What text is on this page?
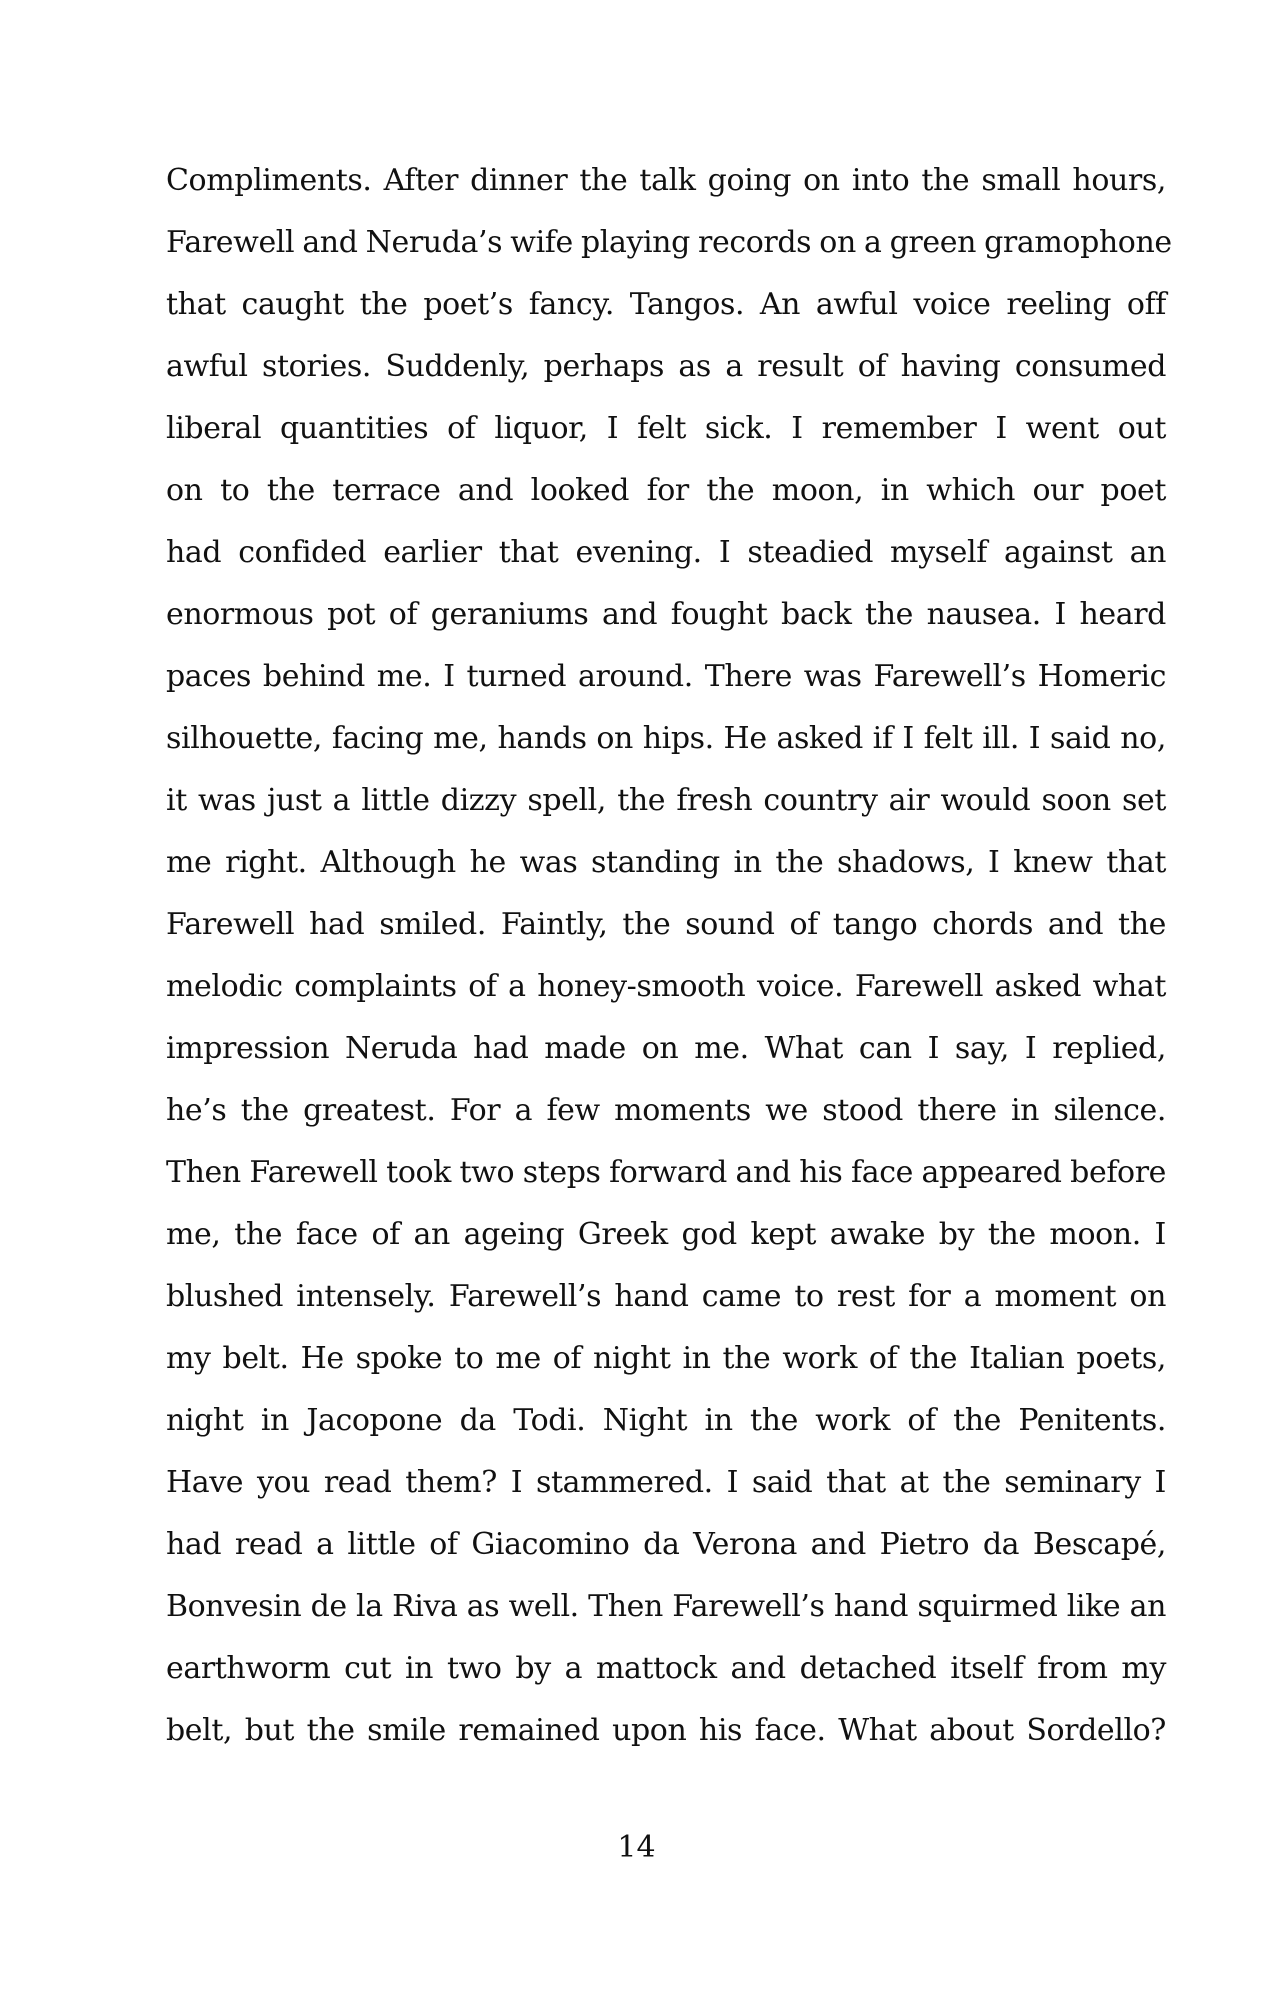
Compliments. After dinner the talk going on into the small hours,
Farewell and Neruda’s wife playing records on a green gramophone
that caught the poet’s fancy. Tangos. An awful voice reeling off
awful stories. Suddenly, perhaps as a result of having consumed
liberal quantities of liquor, I felt sick. I remember I went out
on to the terrace and looked for the moon, in which our poet
had confided earlier that evening. I steadied myself against an
enormous pot of geraniums and fought back the nausea. I heard
paces behind me. I turned around. There was Farewell’s Homeric
silhouette, facing me, hands on hips. He asked if I felt ill. I said no,
it was just a little dizzy spell, the fresh country air would soon set
me right. Although he was standing in the shadows, I knew that
Farewell had smiled. Faintly, the sound of tango chords and the
melodic complaints of a honey-smooth voice. Farewell asked what
impression Neruda had made on me. What can I say, I replied,
he’s the greatest. For a few moments we stood there in silence.
Then Farewell took two steps forward and his face appeared before
me, the face of an ageing Greek god kept awake by the moon. I
blushed intensely. Farewell’s hand came to rest for a moment on
my belt. He spoke to me of night in the work of the Italian poets,
night in Jacopone da Todi. Night in the work of the Penitents.
Have you read them? I stammered. I said that at the seminary I
had read a little of Giacomino da Verona and Pietro da Bescapé,
Bonvesin de la Riva as well. Then Farewell’s hand squirmed like an
earthworm cut in two by a mattock and detached itself from my
belt, but the smile remained upon his face. What about Sordello?
14
